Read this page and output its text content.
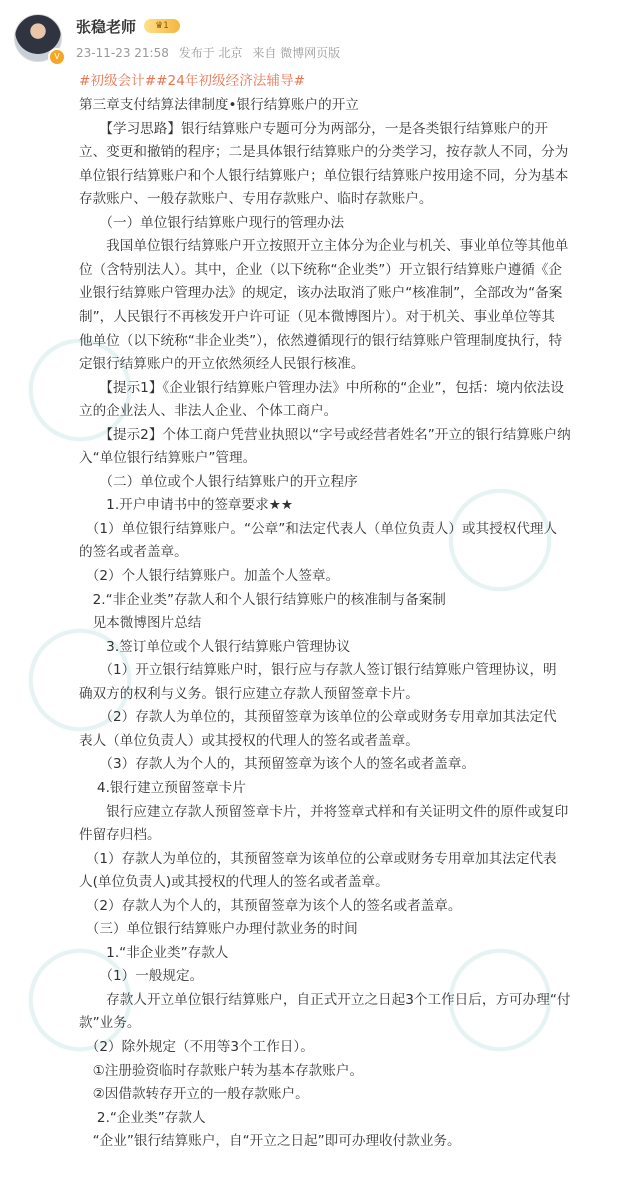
V
张稳老师 ♛ 1
23-11-23 21:58 发布于 北京 来自 微博网页版
#初级会计##24年初级经济法辅导#
第三章支付结算法律制度•银行结算账户的开立
　　【学习思路】银行结算账户专题可分为两部分，一是各类银行结算账户的开
立、变更和撤销的程序；二是具体银行结算账户的分类学习，按存款人不同，分为
单位银行结算账户和个人银行结算账户；单位银行结算账户按用途不同，分为基本
存款账户、一般存款账户、专用存款账户、临时存款账户。
　　（一）单位银行结算账户现行的管理办法
　　我国单位银行结算账户开立按照开立主体分为企业与机关、事业单位等其他单
位（含特别法人）。其中，企业（以下统称“企业类”）开立银行结算账户遵循《企
业银行结算账户管理办法》的规定，该办法取消了账户“核准制”，全部改为“备案
制”，人民银行不再核发开户许可证（见本微博图片）。对于机关、事业单位等其
他单位（以下统称“非企业类”），依然遵循现行的银行结算账户管理制度执行，特
定银行结算账户的开立依然须经人民银行核准。
　　【提示1】《企业银行结算账户管理办法》中所称的“企业”，包括：境内依法设
立的企业法人、非法人企业、个体工商户。
　　【提示2】个体工商户凭营业执照以“字号或经营者姓名”开立的银行结算账户纳
入“单位银行结算账户”管理。
　　（二）单位或个人银行结算账户的开立程序
　　1.开户申请书中的签章要求★★
　（1）单位银行结算账户。“公章”和法定代表人（单位负责人）或其授权代理人
的签名或者盖章。
　（2）个人银行结算账户。加盖个人签章。
　2.“非企业类”存款人和个人银行结算账户的核准制与备案制
　见本微博图片总结
　　3.签订单位或个人银行结算账户管理协议
　　（1）开立银行结算账户时，银行应与存款人签订银行结算账户管理协议，明
确双方的权利与义务。银行应建立存款人预留签章卡片。
　　（2）存款人为单位的，其预留签章为该单位的公章或财务专用章加其法定代
表人（单位负责人）或其授权的代理人的签名或者盖章。
　　（3）存款人为个人的，其预留签章为该个人的签名或者盖章。
　 4.银行建立预留签章卡片
　　银行应建立存款人预留签章卡片，并将签章式样和有关证明文件的原件或复印
件留存归档。
　（1）存款人为单位的，其预留签章为该单位的公章或财务专用章加其法定代表
人(单位负责人)或其授权的代理人的签名或者盖章。
　（2）存款人为个人的，其预留签章为该个人的签名或者盖章。
　（三）单位银行结算账户办理付款业务的时间
　　1.“非企业类”存款人
　　（1）一般规定。
　　存款人开立单位银行结算账户，自正式开立之日起3个工作日后，方可办理“付
款”业务。
　（2）除外规定（不用等3个工作日）。
　①注册验资临时存款账户转为基本存款账户。
　②因借款转存开立的一般存款账户。
　 2.“企业类”存款人
　“企业”银行结算账户，自“开立之日起”即可办理收付款业务。
